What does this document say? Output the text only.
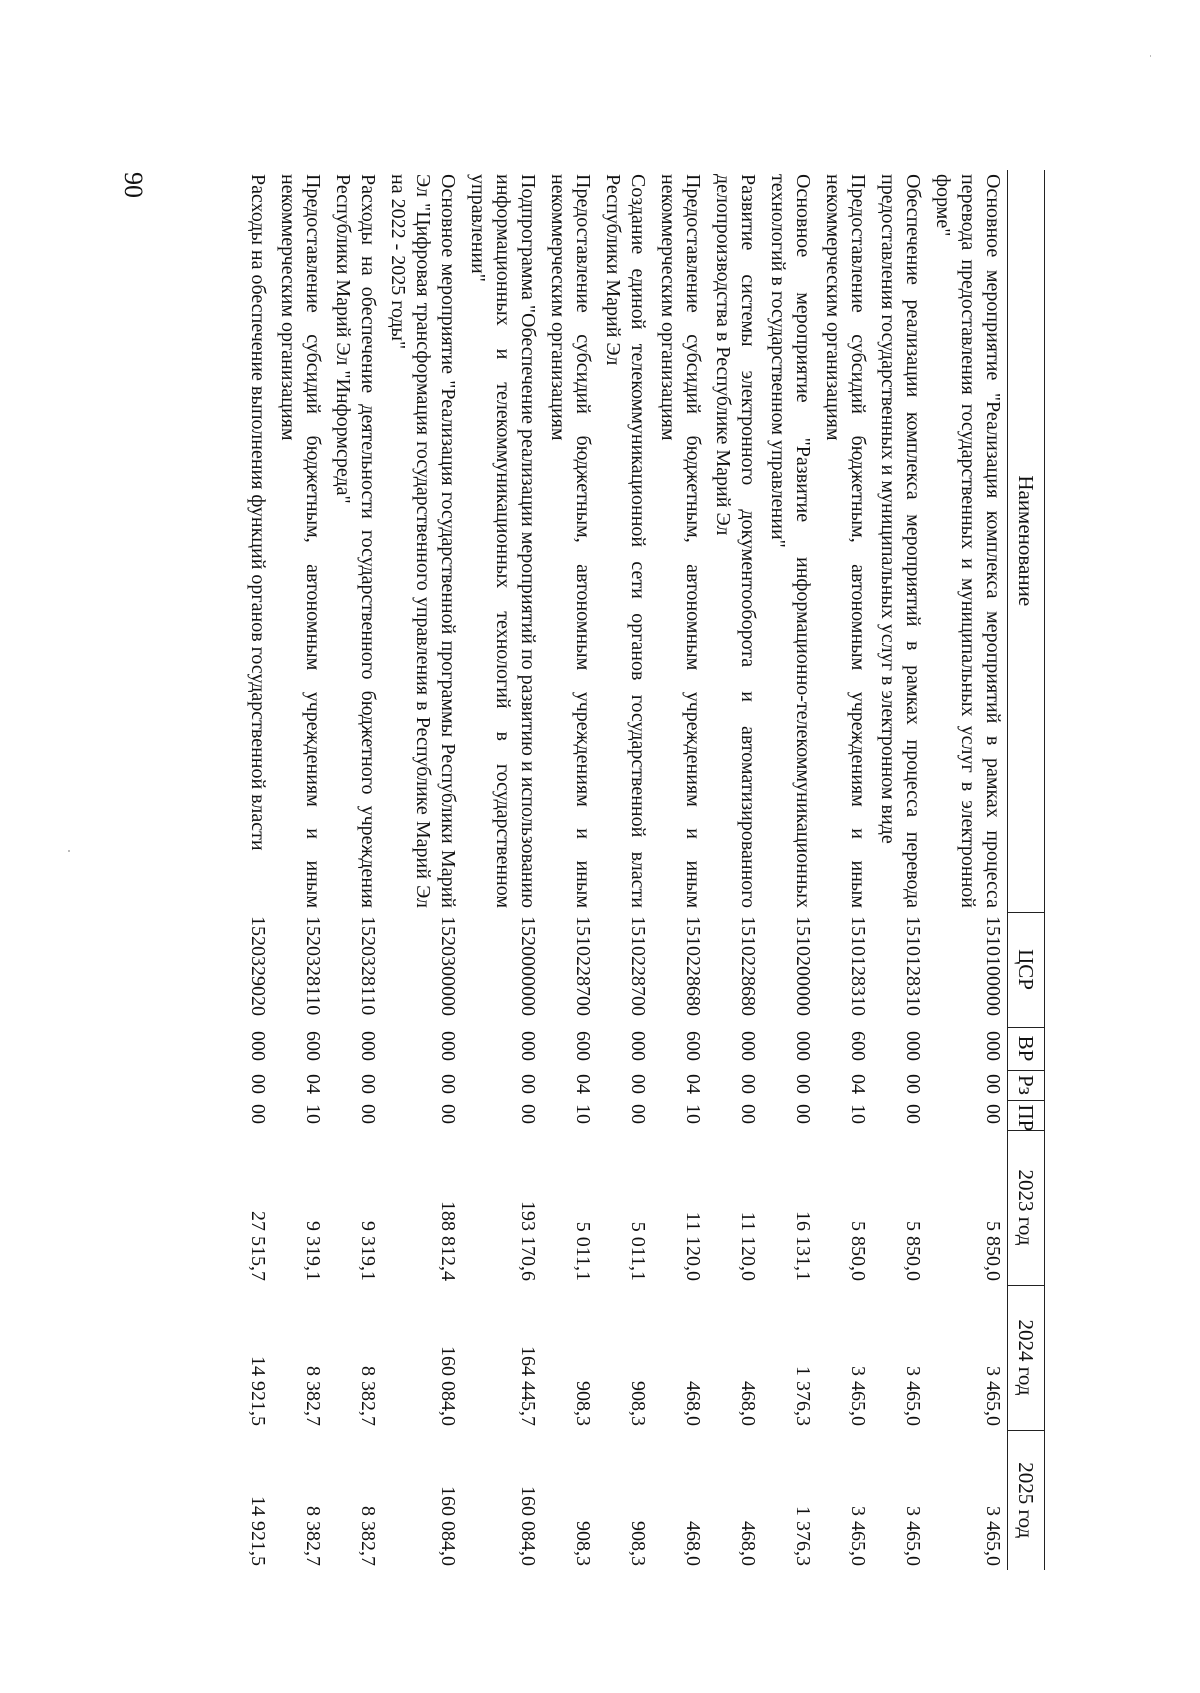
90
Наименование	ЦСР	ВР	Рз	ПР	2023 год	2024 год	2025 год
Основное мероприятие "Реализация комплекса мероприятий в рамках процесса перевода предоставления государственных и муниципальных услуг в электронной форме"	1510100000	000	00	00	5 850,0	3 465,0	3 465,0
Обеспечение реализации комплекса мероприятий в рамках процесса перевода предоставления государственных и муниципальных услуг в электронном виде	1510128310	000	00	00	5 850,0	3 465,0	3 465,0
Предоставление субсидий бюджетным, автономным учреждениям и иным некоммерческим организациям	1510128310	600	04	10	5 850,0	3 465,0	3 465,0
Основное мероприятие "Развитие информационно-телекоммуникационных технологий в государственном управлении"	1510200000	000	00	00	16 131,1	1 376,3	1 376,3
Развитие системы электронного документооборота и автоматизированного делопроизводства в Республике Марий Эл	1510228680	000	00	00	11 120,0	468,0	468,0
Предоставление субсидий бюджетным, автономным учреждениям и иным некоммерческим организациям	1510228680	600	04	10	11 120,0	468,0	468,0
Создание единой телекоммуникационной сети органов государственной власти Республики Марий Эл	1510228700	000	00	00	5 011,1	908,3	908,3
Предоставление субсидий бюджетным, автономным учреждениям и иным некоммерческим организациям	1510228700	600	04	10	5 011,1	908,3	908,3
Подпрограмма "Обеспечение реализации мероприятий по развитию и использованию информационных и телекоммуникационных технологий в государственном управлении"	1520000000	000	00	00	193 170,6	164 445,7	160 084,0
Основное мероприятие "Реализация государственной программы Республики Марий Эл "Цифровая трансформация государственного управления в Республике Марий Эл на 2022 - 2025 годы"	1520300000	000	00	00	188 812,4	160 084,0	160 084,0
Расходы на обеспечение деятельности государственного бюджетного учреждения Республики Марий Эл "Информсреда"	1520328110	000	00	00	9 319,1	8 382,7	8 382,7
Предоставление субсидий бюджетным, автономным учреждениям и иным некоммерческим организациям	1520328110	600	04	10	9 319,1	8 382,7	8 382,7
Расходы на обеспечение выполнения функций органов государственной власти	1520329020	000	00	00	27 515,7	14 921,5	14 921,5
